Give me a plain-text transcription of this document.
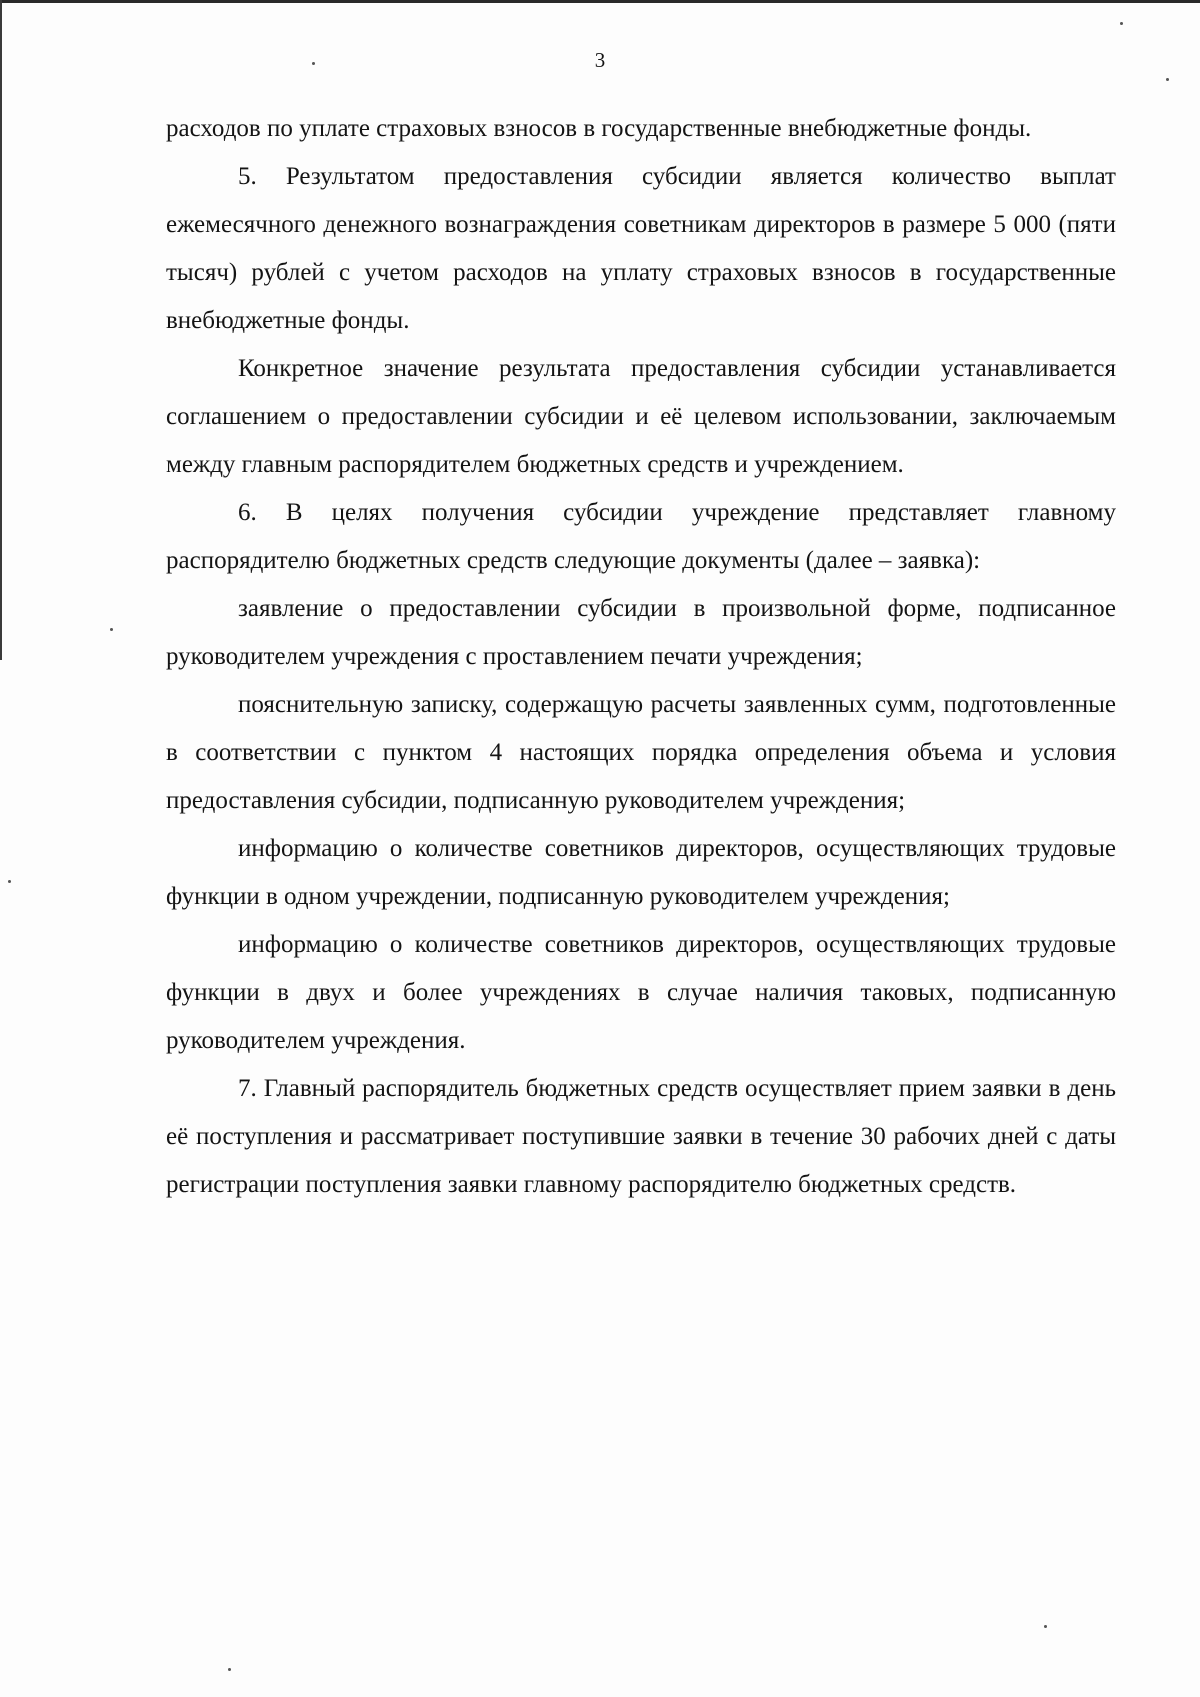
3

расходов по уплате страховых взносов в государственные внебюджетные фонды.

5. Результатом предоставления субсидии является количество выплат ежемесячного денежного вознаграждения советникам директоров в размере 5 000 (пяти тысяч) рублей с учетом расходов на уплату страховых взносов в государственные внебюджетные фонды.

Конкретное значение результата предоставления субсидии устанавливается соглашением о предоставлении субсидии и её целевом использовании, заключаемым между главным распорядителем бюджетных средств и учреждением.

6. В целях получения субсидии учреждение представляет главному распорядителю бюджетных средств следующие документы (далее – заявка):

заявление о предоставлении субсидии в произвольной форме, подписанное руководителем учреждения с проставлением печати учреждения;

пояснительную записку, содержащую расчеты заявленных сумм, подготовленные в соответствии с пунктом 4 настоящих порядка определения объема и условия предоставления субсидии, подписанную руководителем учреждения;

информацию о количестве советников директоров, осуществляющих трудовые функции в одном учреждении, подписанную руководителем учреждения;

информацию о количестве советников директоров, осуществляющих трудовые функции в двух и более учреждениях в случае наличия таковых, подписанную руководителем учреждения.

7. Главный распорядитель бюджетных средств осуществляет прием заявки в день её поступления и рассматривает поступившие заявки в течение 30 рабочих дней с даты регистрации поступления заявки главному распорядителю бюджетных средств.
